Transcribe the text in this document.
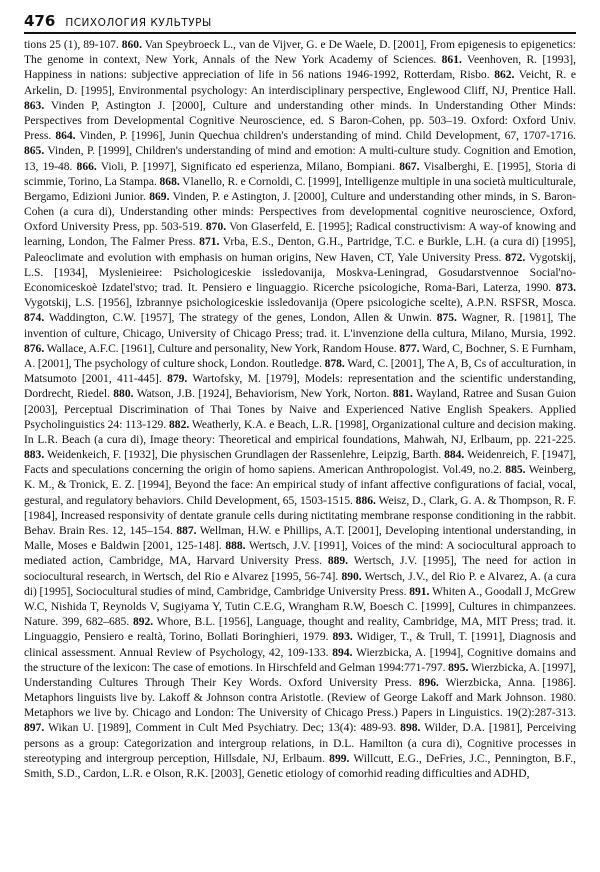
476 ПСИХОЛОГИЯ КУЛЬТУРЫ

tions 25 (1), 89-107. 860. Van Speybroeck L., van de Vijver, G. e De Waele, D. [2001], From epigenesis to epigenetics: The genome in context, New York, Annals of the New York Academy of Sciences. 861. Veenhoven, R. [1993], Happiness in nations: subjective appreciation of life in 56 nations 1946-1992, Rotterdam, Risbo. 862. Veicht, R. e Arkelin, D. [1995], Environmental psychology: An interdisciplinary perspective, Englewood Cliff, NJ, Prentice Hall. 863. Vinden P, Astington J. [2000], Culture and understanding other minds. In Understanding Other Minds: Perspectives from Developmental Cognitive Neuroscience, ed. S Baron-Cohen, pp. 503–19. Oxford: Oxford Univ. Press. 864. Vinden, P. [1996], Junin Quechua children's understanding of mind. Child Development, 67, 1707-1716. 865. Vinden, P. [1999], Children's understanding of mind and emotion: A multi-culture study. Cognition and Emotion, 13, 19-48. 866. Violi, P. [1997], Significato ed esperienza, Milano, Bompiani. 867. Visalberghi, E. [1995], Storia di scimmie, Torino, La Stampa. 868. Vlanello, R. e Cornoldi, C. [1999], Intelligenze multiple in una società multiculturale, Bergamo, Edizioni Junior. 869. Vinden, P. e Astington, J. [2000], Culture and understanding other minds, in S. Baron-Cohen (a cura di), Understanding other minds: Perspectives from developmental cognitive neuroscience, Oxford, Oxford University Press, pp. 503-519. 870. Von Glaserfeld, E. [1995]; Radical constructivism: A way-of knowing and learning, London, The Falmer Press. 871. Vrba, E.S., Denton, G.H., Partridge, T.C. e Burkle, L.H. (a cura di) [1995], Paleoclimate and evolution with emphasis on human origins, New Haven, CT, Yale University Press. 872. Vygotskij, L.S. [1934], Myslenieiree: Psichologiceskie issledovanija, Moskva-Leningrad, Gosudarstvennoe Social'no-Economiceskoè Izdatel'stvo; trad. It. Pensiero e linguaggio. Ricerche psicologiche, Roma-Bari, Laterza, 1990. 873. Vygotskij, L.S. [1956], Izbrannye psichologiceskie issledovanija (Opere psicologiche scelte), A.P.N. RSFSR, Mosca. 874. Waddington, C.W. [1957], The strategy of the genes, London, Allen & Unwin. 875. Wagner, R. [1981], The invention of culture, Chicago, University of Chicago Press; trad. it. L'invenzione della cultura, Milano, Mursia, 1992. 876. Wallace, A.F.C. [1961], Culture and personality, New York, Random House. 877. Ward, C, Bochner, S. E Furnham, A. [2001], The psychology of culture shock, London. Routledge. 878. Ward, C. [2001], The A, B, Cs of acculturation, in Matsumoto [2001, 411-445]. 879. Wartofsky, M. [1979], Models: representation and the scientific understanding, Dordrecht, Riedel. 880. Watson, J.B. [1924], Behaviorism, New York, Norton. 881. Wayland, Ratree and Susan Guion [2003], Perceptual Discrimination of Thai Tones by Naive and Experienced Native English Speakers. Applied Psycholinguistics 24: 113-129. 882. Weatherly, K.A. e Beach, L.R. [1998], Organizational culture and decision making. In L.R. Beach (a cura di), Image theory: Theoretical and empirical foundations, Mahwah, NJ, Erlbaum, pp. 221-225. 883. Weidenkeich, F. [1932], Die physischen Grundlagen der Rassenlehre, Leipzig, Barth. 884. Weidenreich, F. [1947], Facts and speculations concerning the origin of homo sapiens. American Anthropologist. Vol.49, no.2. 885. Weinberg, K. M., & Tronick, E. Z. [1994], Beyond the face: An empirical study of infant affective configurations of facial, vocal, gestural, and regulatory behaviors. Child Development, 65, 1503-1515. 886. Weisz, D., Clark, G. A. & Thompson, R. F. [1984], Increased responsivity of dentate granule cells during nictitating membrane response conditioning in the rabbit. Behav. Brain Res. 12, 145–154. 887. Wellman, H.W. e Phillips, A.T. [2001], Developing intentional understanding, in Malle, Moses e Baldwin [2001, 125-148]. 888. Wertsch, J.V. [1991], Voices of the mind: A sociocultural approach to mediated action, Cambridge, MA, Harvard University Press. 889. Wertsch, J.V. [1995], The need for action in sociocultural research, in Wertsch, del Rio e Alvarez [1995, 56-74]. 890. Wertsch, J.V., del Rio P. e Alvarez, A. (a cura di) [1995], Sociocultural studies of mind, Cambridge, Cambridge University Press. 891. Whiten A., Goodall J, McGrew W.C, Nishida T, Reynolds V, Sugiyama Y, Tutin C.E.G, Wrangham R.W, Boesch C. [1999], Cultures in chimpanzees. Nature. 399, 682–685. 892. Whore, B.L. [1956], Language, thought and reality, Cambridge, MA, MIT Press; trad. it. Linguaggio, Pensiero e realtà, Torino, Bollati Boringhieri, 1979. 893. Widiger, T., & Trull, T. [1991], Diagnosis and clinical assessment. Annual Review of Psychology, 42, 109-133. 894. Wierzbicka, A. [1994], Cognitive domains and the structure of the lexicon: The case of emotions. In Hirschfeld and Gelman 1994:771-797. 895. Wierzbicka, A. [1997], Understanding Cultures Through Their Key Words. Oxford University Press. 896. Wierzbicka, Anna. [1986]. Metaphors linguists live by. Lakoff & Johnson contra Aristotle. (Review of George Lakoff and Mark Johnson. 1980. Metaphors we live by. Chicago and London: The University of Chicago Press.) Papers in Linguistics. 19(2):287-313. 897. Wikan U. [1989], Comment in Cult Med Psychiatry. Dec; 13(4): 489-93. 898. Wilder, D.A. [1981], Perceiving persons as a group: Categorization and intergroup relations, in D.L. Hamilton (a cura di), Cognitive processes in stereotyping and intergroup perception, Hillsdale, NJ, Erlbaum. 899. Willcutt, E.G., DeFries, J.C., Pennington, B.F., Smith, S.D., Cardon, L.R. e Olson, R.K. [2003], Genetic etiology of comorhid reading difficulties and ADHD,
